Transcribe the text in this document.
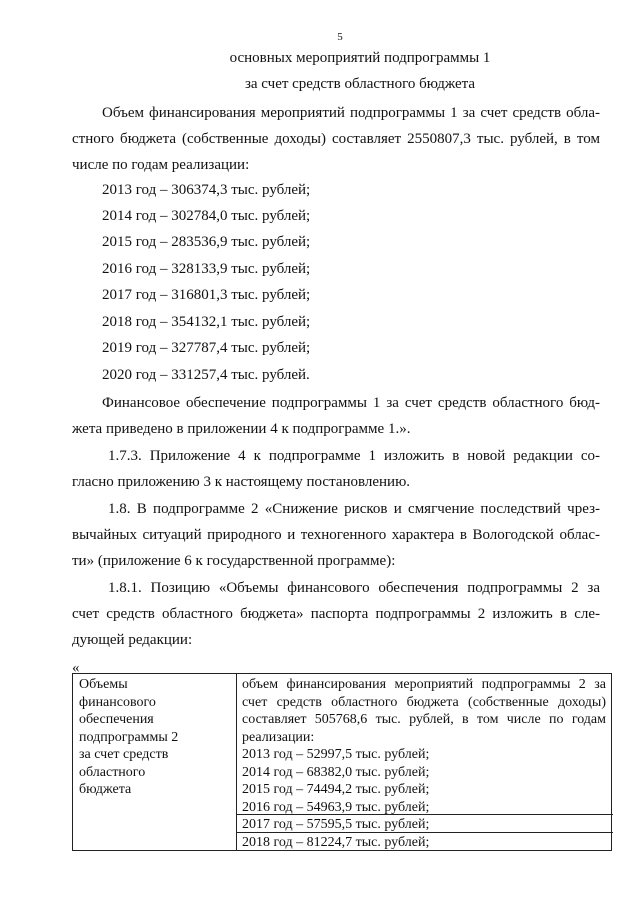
5
основных мероприятий подпрограммы 1
за счет средств областного бюджета
Объем финансирования мероприятий подпрограммы 1 за счет средств обла-
стного бюджета (собственные доходы) составляет 2550807,3 тыс. рублей, в том
числе по годам реализации:
2013 год – 306374,3 тыс. рублей;
2014 год – 302784,0 тыс. рублей;
2015 год – 283536,9 тыс. рублей;
2016 год – 328133,9 тыс. рублей;
2017 год – 316801,3 тыс. рублей;
2018 год – 354132,1 тыс. рублей;
2019 год – 327787,4 тыс. рублей;
2020 год – 331257,4 тыс. рублей.
Финансовое обеспечение подпрограммы 1 за счет средств областного бюд-
жета приведено в приложении 4 к подпрограмме 1.».
1.7.3. Приложение 4 к подпрограмме 1 изложить в новой редакции со-
гласно приложению 3 к настоящему постановлению.
1.8. В подпрограмме 2 «Снижение рисков и смягчение последствий чрез-
вычайных ситуаций природного и техногенного характера в Вологодской облас-
ти» (приложение 6 к государственной программе):
1.8.1. Позицию «Объемы финансового обеспечения подпрограммы 2 за
счет средств областного бюджета» паспорта подпрограммы 2 изложить в сле-
дующей редакции:
«
Объемы
финансового
обеспечения
подпрограммы 2
за счет средств
областного
бюджета
объем финансирования мероприятий подпрограммы 2 за
счет средств областного бюджета (собственные доходы)
составляет 505768,6 тыс. рублей, в том числе по годам
реализации:
2013 год – 52997,5 тыс. рублей;
2014 год – 68382,0 тыс. рублей;
2015 год – 74494,2 тыс. рублей;
2016 год – 54963,9 тыс. рублей;
2017 год – 57595,5 тыс. рублей;
2018 год – 81224,7 тыс. рублей;
